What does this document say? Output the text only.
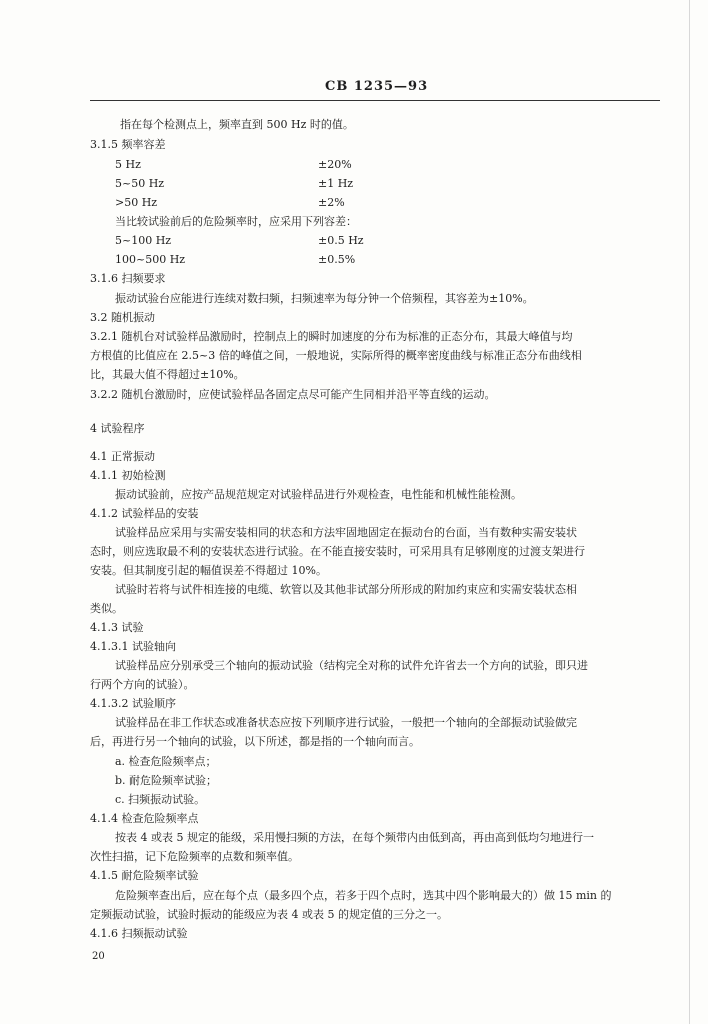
CB 1235—93
指在每个检测点上，频率直到 500 Hz 时的值。
3.1.5 频率容差
5 Hz	±20%
5~50 Hz	±1 Hz
>50 Hz	±2%
当比较试验前后的危险频率时，应采用下列容差：
5~100 Hz	±0.5 Hz
100~500 Hz	±0.5%
3.1.6 扫频要求
振动试验台应能进行连续对数扫频，扫频速率为每分钟一个倍频程，其容差为±10%。
3.2 随机振动
3.2.1 随机台对试验样品激励时，控制点上的瞬时加速度的分布为标准的正态分布，其最大峰值与均
方根值的比值应在 2.5~3 倍的峰值之间，一般地说，实际所得的概率密度曲线与标准正态分布曲线相
比，其最大值不得超过±10%。
3.2.2 随机台激励时，应使试验样品各固定点尽可能产生同相并沿平等直线的运动。
4 试验程序
4.1 正常振动
4.1.1 初始检测
振动试验前，应按产品规范规定对试验样品进行外观检查，电性能和机械性能检测。
4.1.2 试验样品的安装
试验样品应采用与实需安装相同的状态和方法牢固地固定在振动台的台面，当有数种实需安装状
态时，则应选取最不利的安装状态进行试验。在不能直接安装时，可采用具有足够刚度的过渡支架进行
安装。但其制度引起的幅值误差不得超过 10%。
试验时若将与试件相连接的电缆、软管以及其他非试部分所形成的附加约束应和实需安装状态相
类似。
4.1.3 试验
4.1.3.1 试验轴向
试验样品应分别承受三个轴向的振动试验（结构完全对称的试件允许省去一个方向的试验，即只进
行两个方向的试验）。
4.1.3.2 试验顺序
试验样品在非工作状态或准备状态应按下列顺序进行试验，一般把一个轴向的全部振动试验做完
后，再进行另一个轴向的试验，以下所述，都是指的一个轴向而言。
a. 检查危险频率点；
b. 耐危险频率试验；
c. 扫频振动试验。
4.1.4 检查危险频率点
按表 4 或表 5 规定的能级，采用慢扫频的方法，在每个频带内由低到高，再由高到低均匀地进行一
次性扫描，记下危险频率的点数和频率值。
4.1.5 耐危险频率试验
危险频率查出后，应在每个点（最多四个点，若多于四个点时，选其中四个影响最大的）做 15 min 的
定频振动试验，试验时振动的能级应为表 4 或表 5 的规定值的三分之一。
4.1.6 扫频振动试验
20
